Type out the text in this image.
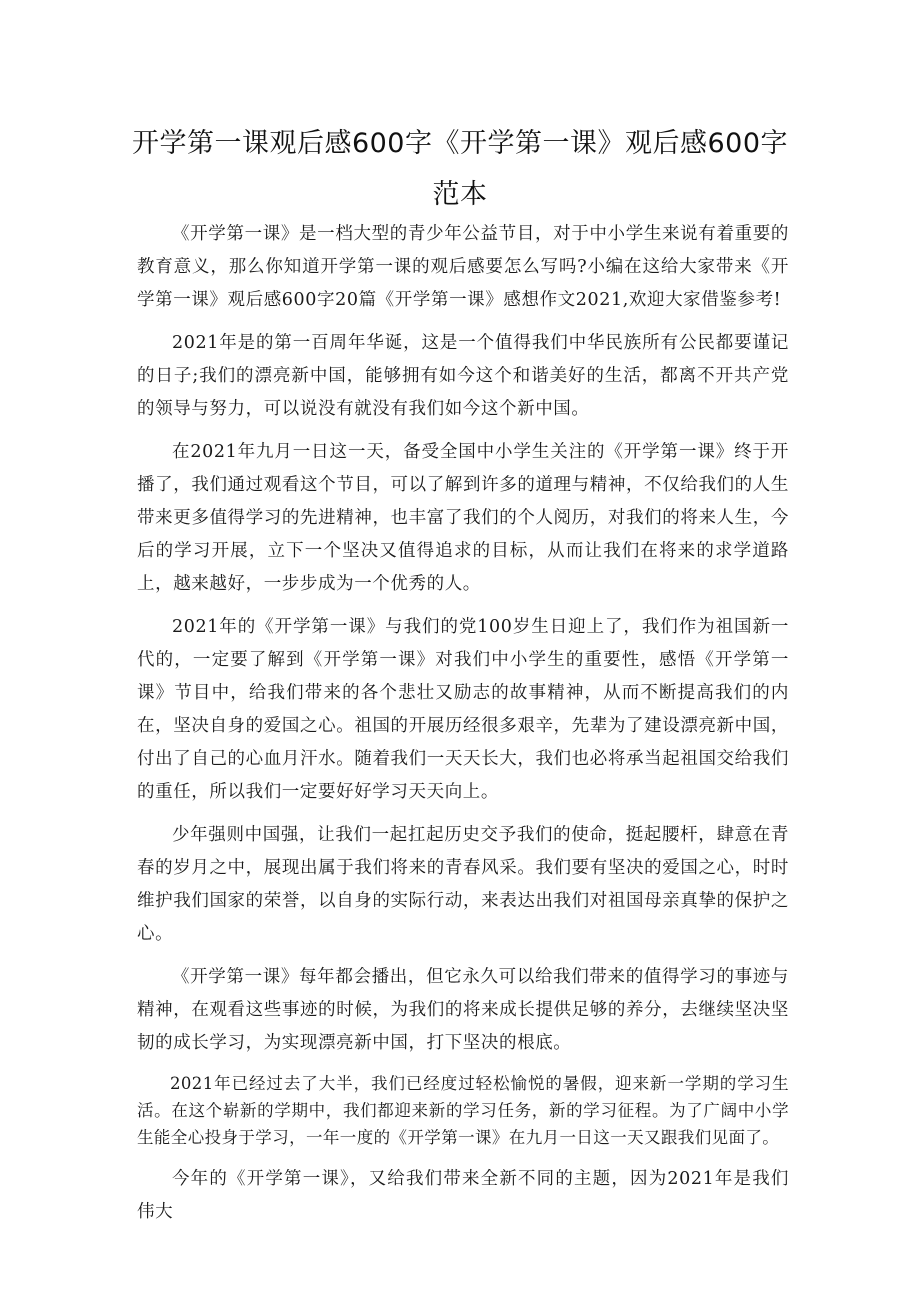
开学第一课观后感600字《开学第一课》观后感600字范本

《开学第一课》是一档大型的青少年公益节目，对于中小学生来说有着重要的教育意义，那么你知道开学第一课的观后感要怎么写吗?小编在这给大家带来《开学第一课》观后感600字20篇《开学第一课》感想作文2021,欢迎大家借鉴参考!

2021年是的第一百周年华诞，这是一个值得我们中华民族所有公民都要谨记的日子;我们的漂亮新中国，能够拥有如今这个和谐美好的生活，都离不开共产党的领导与努力，可以说没有就没有我们如今这个新中国。

在2021年九月一日这一天，备受全国中小学生关注的《开学第一课》终于开播了，我们通过观看这个节目，可以了解到许多的道理与精神，不仅给我们的人生带来更多值得学习的先进精神，也丰富了我们的个人阅历，对我们的将来人生，今后的学习开展，立下一个坚决又值得追求的目标，从而让我们在将来的求学道路上，越来越好，一步步成为一个优秀的人。

2021年的《开学第一课》与我们的党100岁生日迎上了，我们作为祖国新一代的，一定要了解到《开学第一课》对我们中小学生的重要性，感悟《开学第一课》节目中，给我们带来的各个悲壮又励志的故事精神，从而不断提高我们的内在，坚决自身的爱国之心。祖国的开展历经很多艰辛，先辈为了建设漂亮新中国，付出了自己的心血月汗水。随着我们一天天长大，我们也必将承当起祖国交给我们的重任，所以我们一定要好好学习天天向上。

少年强则中国强，让我们一起扛起历史交予我们的使命，挺起腰杆，肆意在青春的岁月之中，展现出属于我们将来的青春风采。我们要有坚决的爱国之心，时时维护我们国家的荣誉，以自身的实际行动，来表达出我们对祖国母亲真挚的保护之心。

《开学第一课》每年都会播出，但它永久可以给我们带来的值得学习的事迹与精神，在观看这些事迹的时候，为我们的将来成长提供足够的养分，去继续坚决坚韧的成长学习，为实现漂亮新中国，打下坚决的根底。

2021年已经过去了大半，我们已经度过轻松愉悦的暑假，迎来新一学期的学习生活。在这个崭新的学期中，我们都迎来新的学习任务，新的学习征程。为了广阔中小学生能全心投身于学习，一年一度的《开学第一课》在九月一日这一天又跟我们见面了。

今年的《开学第一课》，又给我们带来全新不同的主题，因为2021年是我们伟大
